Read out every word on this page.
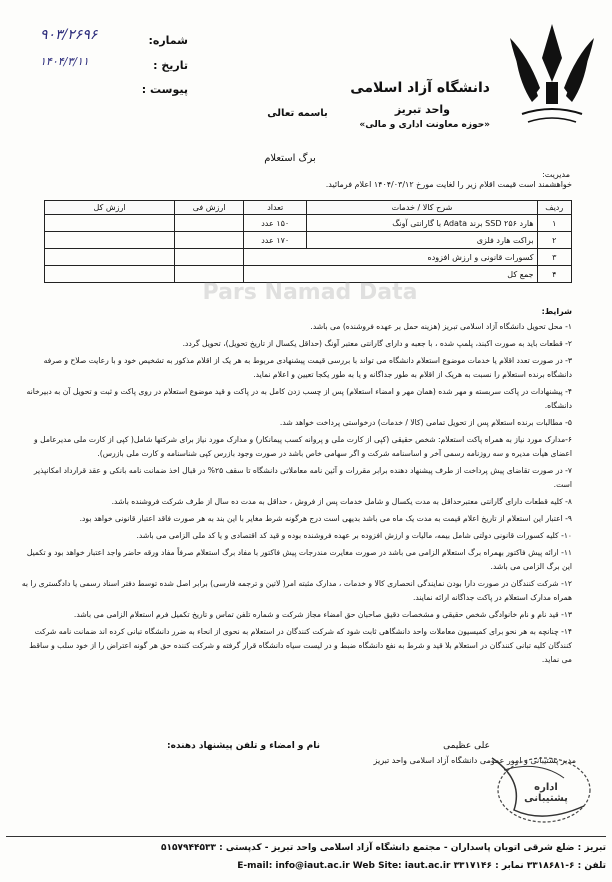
دانشگاه آزاد اسلامی
واحد تبریز
«حوزه معاونت اداری و مالی»
باسمه تعالی
شماره:
۹۰۳/۲۶۹۶
تاریخ :
۱۴۰۴/۳/۱۱
پیوست :
برگ استعلام
مدیریت:
خواهشمند است قیمت اقلام زیر را لغایت مورخ ۱۴۰۴/۰۳/۱۲ اعلام فرمائید.
ردیف	شرح کالا / خدمات	تعداد	ارزش فی	ارزش کل
۱	هارد ۲۵۶ SSD برند Adata با گارانتی آونگ	۱۵۰ عدد		
۲	براکت هارد فلزی	۱۷۰ عدد		
۳	کسورات قانونی و ارزش افزوده			
۴	جمع کل			
Pars Namad Data
شرایط:

۱- محل تحویل دانشگاه آزاد اسلامی تبریز (هزینه حمل بر عهده فروشنده) می باشد.

۲- قطعات باید به صورت اکبند، پلمپ شده ، با جعبه و دارای گارانتی معتبر آونگ (حداقل یکسال از تاریخ تحویل)، تحویل گردد.

۳- در صورت تعدد اقلام یا خدمات موضوع استعلام دانشگاه می تواند با بررسی قیمت پیشنهادی مربوط به هر یک از اقلام مذکور به تشخیص خود و با رعایت صلاح و صرفه دانشگاه برنده استعلام را نسبت به هریک از اقلام به طور جداگانه و یا به طور یکجا تعیین و اعلام نماید.

۴- پیشنهادات در پاکت سربسته و مهر شده (همان مهر و امضاء استعلام) پس از چسب زدن کامل به در پاکت و قید موضوع استعلام در روی پاکت و ثبت و تحویل آن به دبیرخانه دانشگاه.

۵- مطالبات برنده استعلام پس از تحویل تمامی (کالا / خدمات) درخواستی پرداخت خواهد شد.

۶-مدارک مورد نیاز به همراه پاکت استعلام: شخص حقیقی (کپی از کارت ملی و پروانه کسب پیمانکار) و مدارک مورد نیاز برای شرکتها شامل( کپی از کارت ملی مدیرعامل و اعضای هیأت مدیره و سه روزنامه رسمی آخر و اساسنامه شرکت و اگر سهامی خاص باشد در صورت وجود بازرس کپی شناسنامه و کارت ملی بازرس).

۷- در صورت تقاضای پیش پرداخت از طرف پیشنهاد دهنده برابر مقررات و آئین نامه معاملاتی دانشگاه تا سقف ۲۵% در قبال اخذ ضمانت نامه بانکی و عقد قرارداد امکانپذیر است.

۸- کلیه قطعات دارای گارانتی معتبرحداقل به مدت یکسال و شامل خدمات پس از فروش ، حداقل به مدت ده سال از طرف شرکت فروشنده باشد.

۹- اعتبار این استعلام از تاریخ اعلام قیمت به مدت یک ماه می باشد بدیهی است درج هرگونه شرط مغایر با این بند به هر صورت فاقد اعتبار قانونی خواهد بود.

۱۰- کلیه کسورات قانونی دولتی شامل بیمه، مالیات و ارزش افزوده بر عهده فروشنده بوده و قید کد اقتصادی و یا کد ملی الزامی می باشد.

۱۱- ارائه پیش فاکتور بهمراه برگ استعلام الزامی می باشد در صورت مغایرت مندرجات پیش فاکتور با مفاد برگ استعلام صرفاً مفاد ورقه حاضر واجد اعتبار خواهد بود و تکمیل این برگ الزامی می باشد.

۱۲- شرکت کنندگان در صورت دارا بودن نمایندگی انحصاری کالا و خدمات ، مدارک مثبته امر( لاتین و ترجمه فارسی) برابر اصل شده توسط دفتر اسناد رسمی یا دادگستری را به همراه مدارک استعلام در پاکت جداگانه ارائه نمایند.

۱۳- قید نام و نام خانوادگی شخص حقیقی و مشخصات دقیق صاحبان حق امضاء مجاز شرکت و شماره تلفن تماس و تاریخ تکمیل فرم استعلام الزامی می باشد.

۱۴- چنانچه به هر نحو برای کمیسیون معاملات واحد دانشگاهی ثابت شود که شرکت کنندگان در استعلام به نحوی از انحاء به ضرر دانشگاه تبانی کرده اند ضمانت نامه شرکت کنندگان کلیه تبانی کنندگان در استعلام بلا قید و شرط به نفع دانشگاه ضبط و در لیست سیاه دانشگاه قرار گرفته و شرکت کننده حق هر گونه اعتراض را از خود سلب و ساقط می نماید.

نام و امضاء و تلفن پیشنهاد دهنده:	علی عظیمی
مدیر پشتیبانی و امور عمومی دانشگاه آزاد اسلامی واحد تبریز
اداره پشتیبانی
تبریز : ضلع شرقی اتوبان پاسداران - مجتمع دانشگاه آزاد اسلامی واحد تبریز - کدپستی : ۵۱۵۷۹۴۴۵۳۳
تلفن : ۶-۳۳۱۸۶۸۱ نمابر : ۳۳۱۷۱۴۶ E-mail: info@iaut.ac.ir Web Site: iaut.ac.ir
